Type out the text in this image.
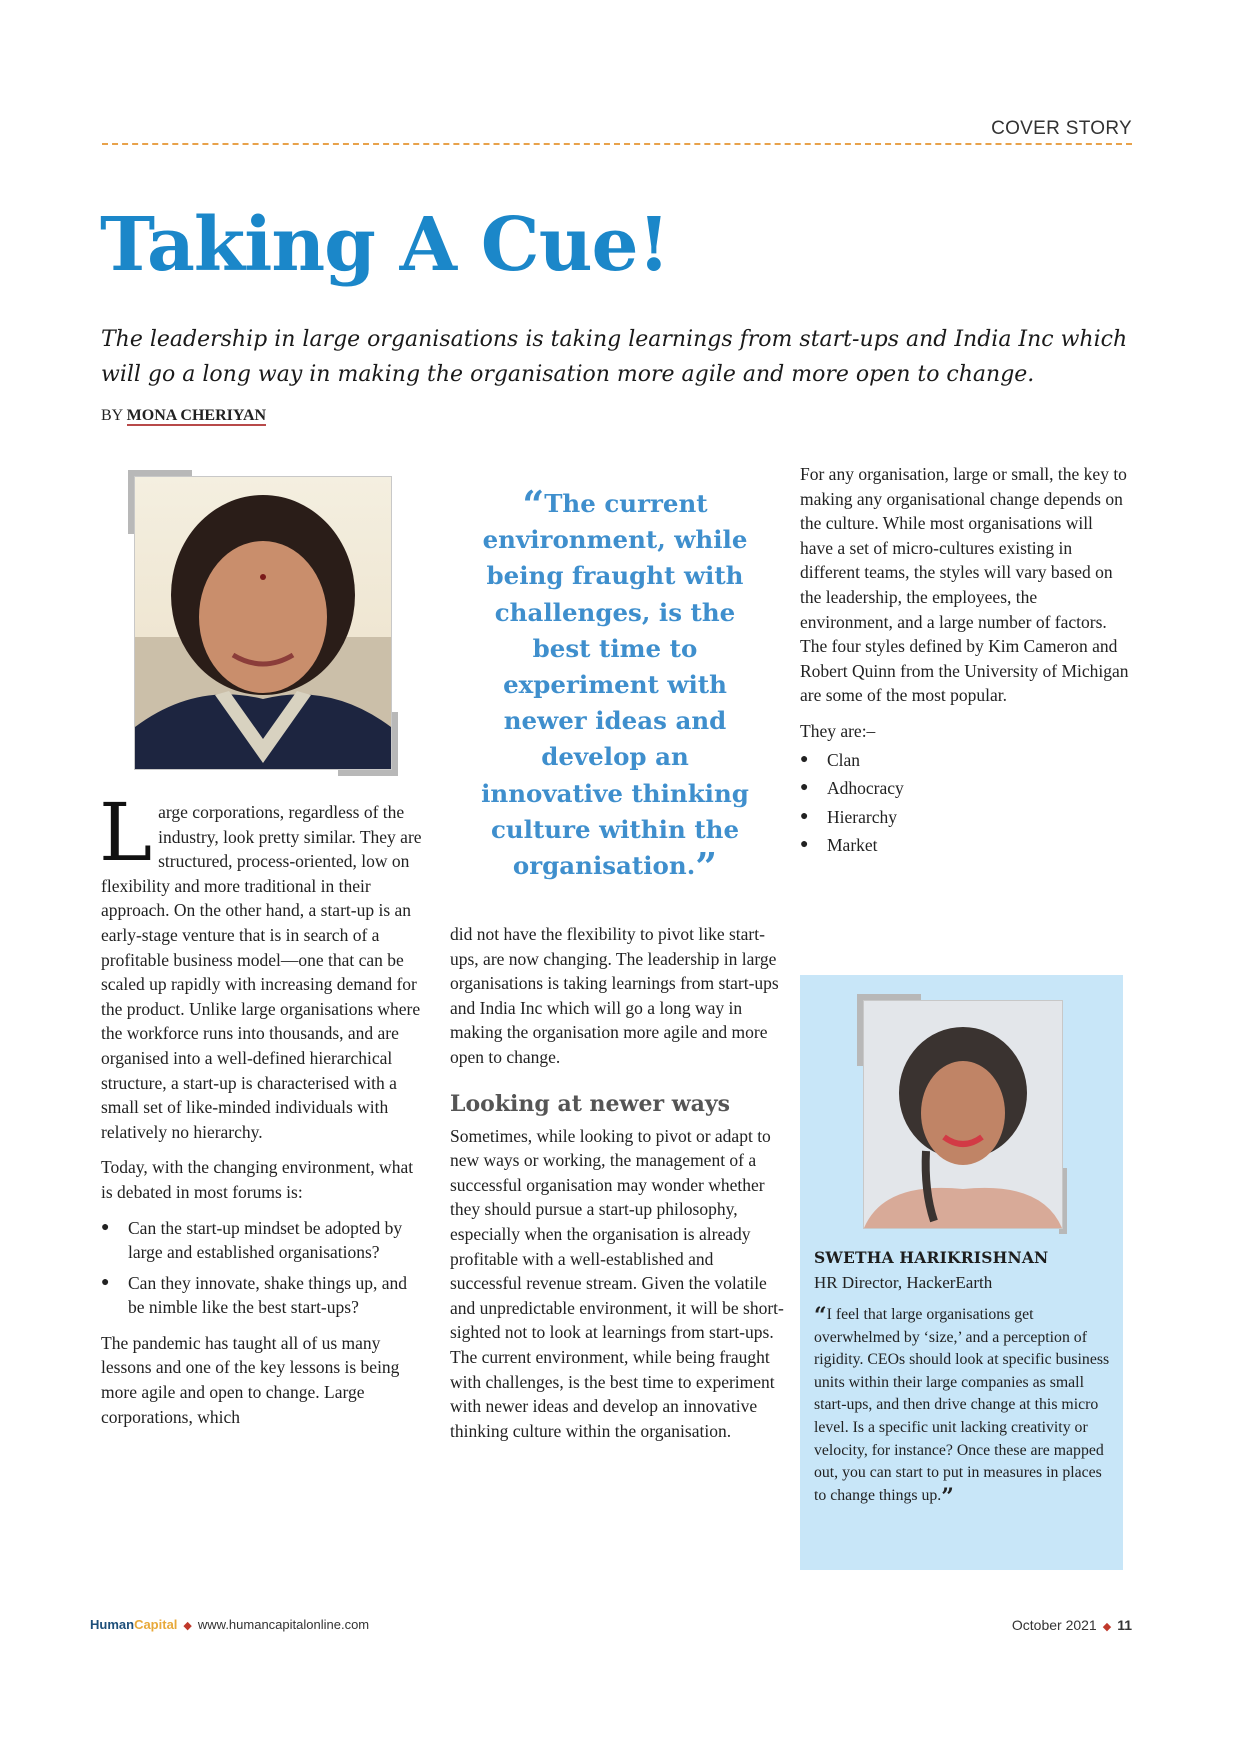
COVER STORY
Taking A Cue!

The leadership in large organisations is taking learnings from start-ups and India Inc which will go a long way in making the organisation more agile and more open to change.

BY MONA CHERIYAN
“The current environment, while being fraught with challenges, is the best time to experiment with newer ideas and develop an innovative thinking culture within the organisation.”

Large corporations, regardless of the industry, look pretty similar. They are structured, process-oriented, low on flexibility and more traditional in their approach. On the other hand, a start-up is an early-stage venture that is in search of a profitable business model—one that can be scaled up rapidly with increasing demand for the product. Unlike large organisations where the workforce runs into thousands, and are organised into a well-defined hierarchical structure, a start-up is characterised with a small set of like-minded individuals with relatively no hierarchy.

Today, with the changing environment, what is debated in most forums is:

● Can the start-up mindset be adopted by large and established organisations?
● Can they innovate, shake things up, and be nimble like the best start-ups?

The pandemic has taught all of us many lessons and one of the key lessons is being more agile and open to change. Large corporations, which

did not have the flexibility to pivot like start-ups, are now changing. The leadership in large organisations is taking learnings from start-ups and India Inc which will go a long way in making the organisation more agile and more open to change.

Looking at newer ways

Sometimes, while looking to pivot or adapt to new ways or working, the management of a successful organisation may wonder whether they should pursue a start-up philosophy, especially when the organisation is already profitable with a well-established and successful revenue stream. Given the volatile and unpredictable environment, it will be short-sighted not to look at learnings from start-ups. The current environment, while being fraught with challenges, is the best time to experiment with newer ideas and develop an innovative thinking culture within the organisation.

For any organisation, large or small, the key to making any organisational change depends on the culture. While most organisations will have a set of micro-cultures existing in different teams, the styles will vary based on the leadership, the employees, the environment, and a large number of factors. The four styles defined by Kim Cameron and Robert Quinn from the University of Michigan are some of the most popular.

They are:–

● Clan
● Adhocracy
● Hierarchy
● Market
SWETHA HARIKRISHNAN
HR Director, HackerEarth
“I feel that large organisations get overwhelmed by ‘size,’ and a perception of rigidity. CEOs should look at specific business units within their large companies as small start-ups, and then drive change at this micro level. Is a specific unit lacking creativity or velocity, for instance? Once these are mapped out, you can start to put in measures in places to change things up.”
HumanCapital ◆ www.humancapitalonline.com	October 2021 ◆ 11
